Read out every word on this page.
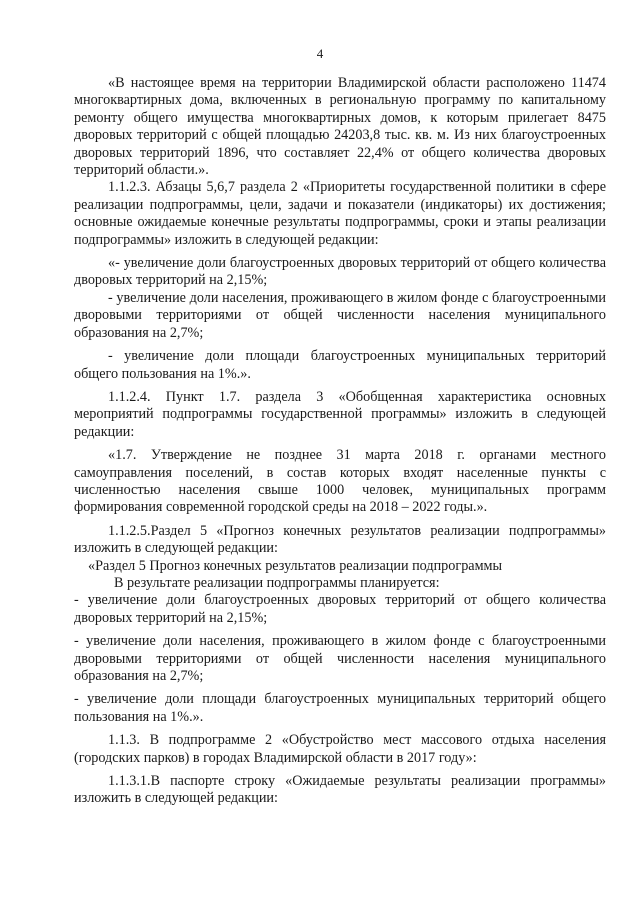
4

«В настоящее время на территории Владимирской области расположено 11474 многоквартирных дома, включенных в региональную программу по капитальному ремонту общего имущества многоквартирных домов, к которым прилегает 8475 дворовых территорий с общей площадью 24203,8 тыс. кв. м. Из них благоустроенных дворовых территорий 1896, что составляет 22,4% от общего количества дворовых территорий области.».

1.1.2.3. Абзацы 5,6,7 раздела 2 «Приоритеты государственной политики в сфере реализации подпрограммы, цели, задачи и показатели (индикаторы) их достижения; основные ожидаемые конечные результаты подпрограммы, сроки и этапы реализации подпрограммы» изложить в следующей редакции:

«- увеличение доли благоустроенных дворовых территорий от общего количества дворовых территорий на 2,15%;

- увеличение доли населения, проживающего в жилом фонде с благоустроенными дворовыми территориями от общей численности населения муниципального образования на 2,7%;

- увеличение доли площади благоустроенных муниципальных территорий общего пользования на 1%.».

1.1.2.4. Пункт 1.7. раздела 3 «Обобщенная характеристика основных мероприятий подпрограммы государственной программы» изложить в следующей редакции:

«1.7. Утверждение не позднее 31 марта 2018 г. органами местного самоуправления поселений, в состав которых входят населенные пункты с численностью населения свыше 1000 человек, муниципальных программ формирования современной городской среды на 2018 – 2022 годы.».

1.1.2.5.Раздел 5 «Прогноз конечных результатов реализации подпрограммы» изложить в следующей редакции:

«Раздел 5 Прогноз конечных результатов реализации подпрограммы

В результате реализации подпрограммы планируется:

- увеличение доли благоустроенных дворовых территорий от общего количества дворовых территорий на 2,15%;

- увеличение доли населения, проживающего в жилом фонде с благоустроенными дворовыми территориями от общей численности населения муниципального образования на 2,7%;

- увеличение доли площади благоустроенных муниципальных территорий общего пользования на 1%.».

1.1.3. В подпрограмме 2 «Обустройство мест массового отдыха населения (городских парков) в городах Владимирской области в 2017 году»:

1.1.3.1.В паспорте строку «Ожидаемые результаты реализации программы» изложить в следующей редакции:
